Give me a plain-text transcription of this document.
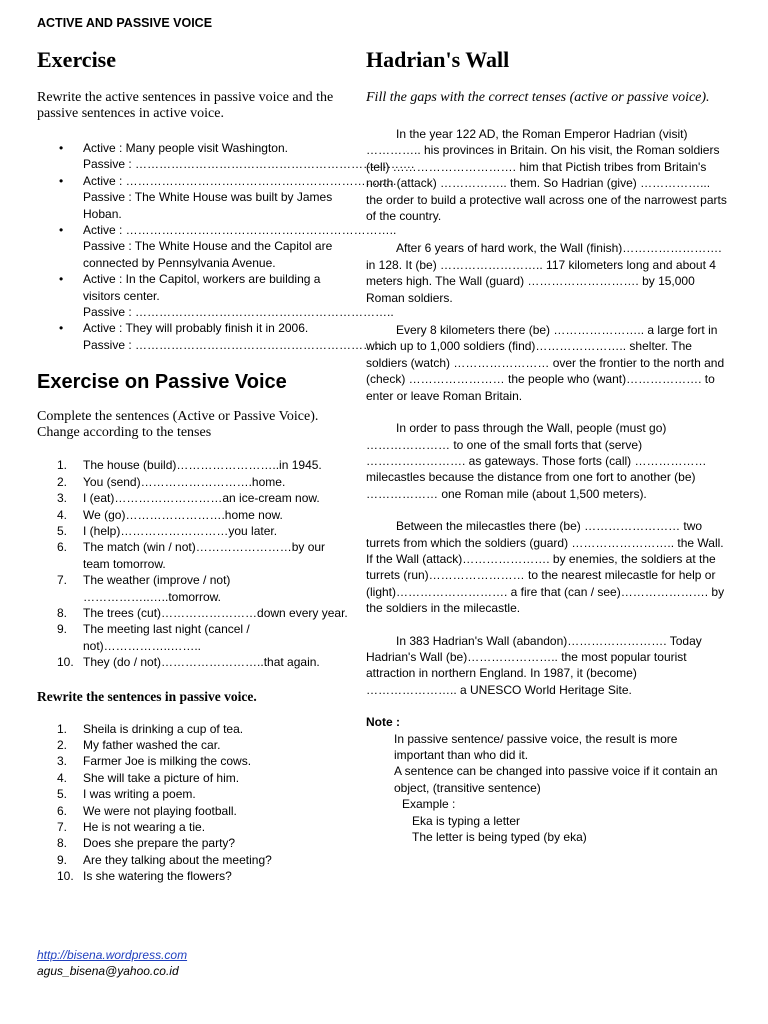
ACTIVE AND PASSIVE VOICE
Exercise

Rewrite the active sentences in passive voice and the passive sentences in active voice.

• Active : Many people visit Washington.
Passive : …………………………………………………………….
• Active : …………………………………………………………..
Passive : The White House was built by James Hoban.
• Active : …………………………………………………………..
Passive : The White House and the Capitol are connected by Pennsylvania Avenue.
• Active : In the Capitol, workers are building a visitors center.
Passive : ………………………………………………………..
• Active : They will probably finish it in 2006.
Passive : ………………………………………………………..
Exercise on Passive Voice

Complete the sentences (Active or Passive Voice). Change according to the tenses

1. The house (build)……………………..in 1945.
2. You (send)……………………….home.
3. I (eat)………………………an ice-cream now.
4. We (go)…………………….home now.
5. I (help)………………………you later.
6. The match (win / not)……………………by our team tomorrow.
7. The weather (improve / not) ……………..…..tomorrow.
8. The trees (cut)……………………down every year.
9. The meeting last night (cancel / not)……………..……..
10. They (do / not)……………………..that again.

Rewrite the sentences in passive voice.

1. Sheila is drinking a cup of tea.
2. My father washed the car.
3. Farmer Joe is milking the cows.
4. She will take a picture of him.
5. I was writing a poem.
6. We were not playing football.
7. He is not wearing a tie.
8. Does she prepare the party?
9. Are they talking about the meeting?
10. Is she watering the flowers?
Hadrian's Wall

Fill the gaps with the correct tenses (active or passive voice).

In the year 122 AD, the Roman Emperor Hadrian (visit) ………….. his provinces in Britain. On his visit, the Roman soldiers (tell) …………………………. him that Pictish tribes from Britain's north (attack) …………….. them. So Hadrian (give) ……………... the order to build a protective wall across one of the narrowest parts of the country.

After 6 years of hard work, the Wall (finish)……………………. in 128. It (be) …………………….. 117 kilometers long and about 4 meters high. The Wall (guard) ………………………. by 15,000 Roman soldiers.

Every 8 kilometers there (be) ………………….. a large fort in which up to 1,000 soldiers (find)………………….. shelter. The soldiers (watch) …………………… over the frontier to the north and (check) …………………… the people who (want)………………. to enter or leave Roman Britain.

In order to pass through the Wall, people (must go) ………………… to one of the small forts that (serve) ……………………. as gateways. Those forts (call) ……………… milecastles because the distance from one fort to another (be) ……………… one Roman mile (about 1,500 meters).

Between the milecastles there (be) …………………… two turrets from which the soldiers (guard) …………………….. the Wall. If the Wall (attack)…………………. by enemies, the soldiers at the turrets (run)…………………… to the nearest milecastle for help or (light)………………………. a fire that (can / see)…………………. by the soldiers in the milecastle.

In 383 Hadrian's Wall (abandon)……………………. Today Hadrian's Wall (be)………………….. the most popular tourist attraction in northern England. In 1987, it (become) ………………….. a UNESCO World Heritage Site.

Note :

In passive sentence/ passive voice, the result is more important than who did it.
A sentence can be changed into passive voice if it contain an object, (transitive sentence)
Example :
Eka is typing a letter
The letter is being typed (by eka)
http://bisena.wordpress.com
agus_bisena@yahoo.co.id
